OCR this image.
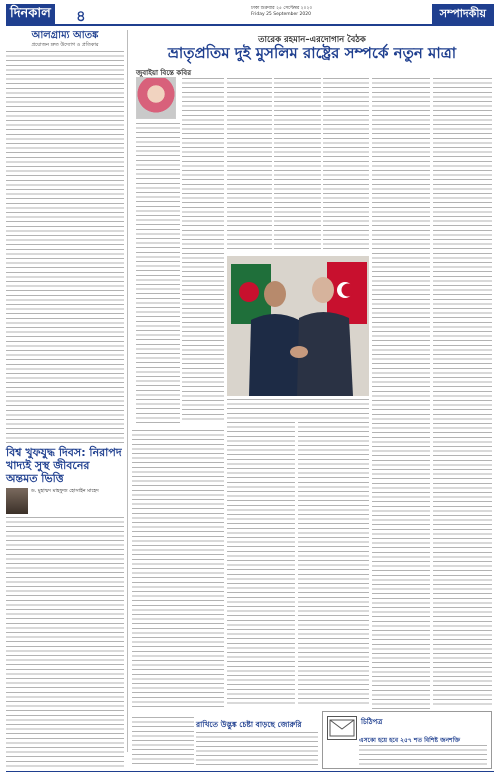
দিনকাল ৪	ঢাকা শুক্রবার ২৫ সেপ্টেম্বর ২০২০
Friday 25 September 2020	সম্পাদকীয়
আলগ্রাম্য আতঙ্ক
প্রয়োজন দ্রুত উদ্যোগ ও প্রতিকার
বিশ্ব খুফযুদ্ধ দিবস: নিরাপদ খাদ্যই সুস্থ জীবনের অন্তমত ভিত্তি
ড. মুহাম্মদ মাহফুজ হোসাইন মাহেদ
তারেক রহমান–এরদোগান বৈঠক
ভ্রাতৃপ্রতিম দুই মুসলিম রাষ্ট্রের সম্পর্কে নতুন মাত্রা
জুবাইয়া বিন্তে কবির
রাখিতে উদ্ভুঙ্ক চেষ্টা বাড়ছে জোরুরি	চিঠিপত্র
এসকো হয়ে হবে ২৫৭ শত বিশিষ্ট জনশক্তি
